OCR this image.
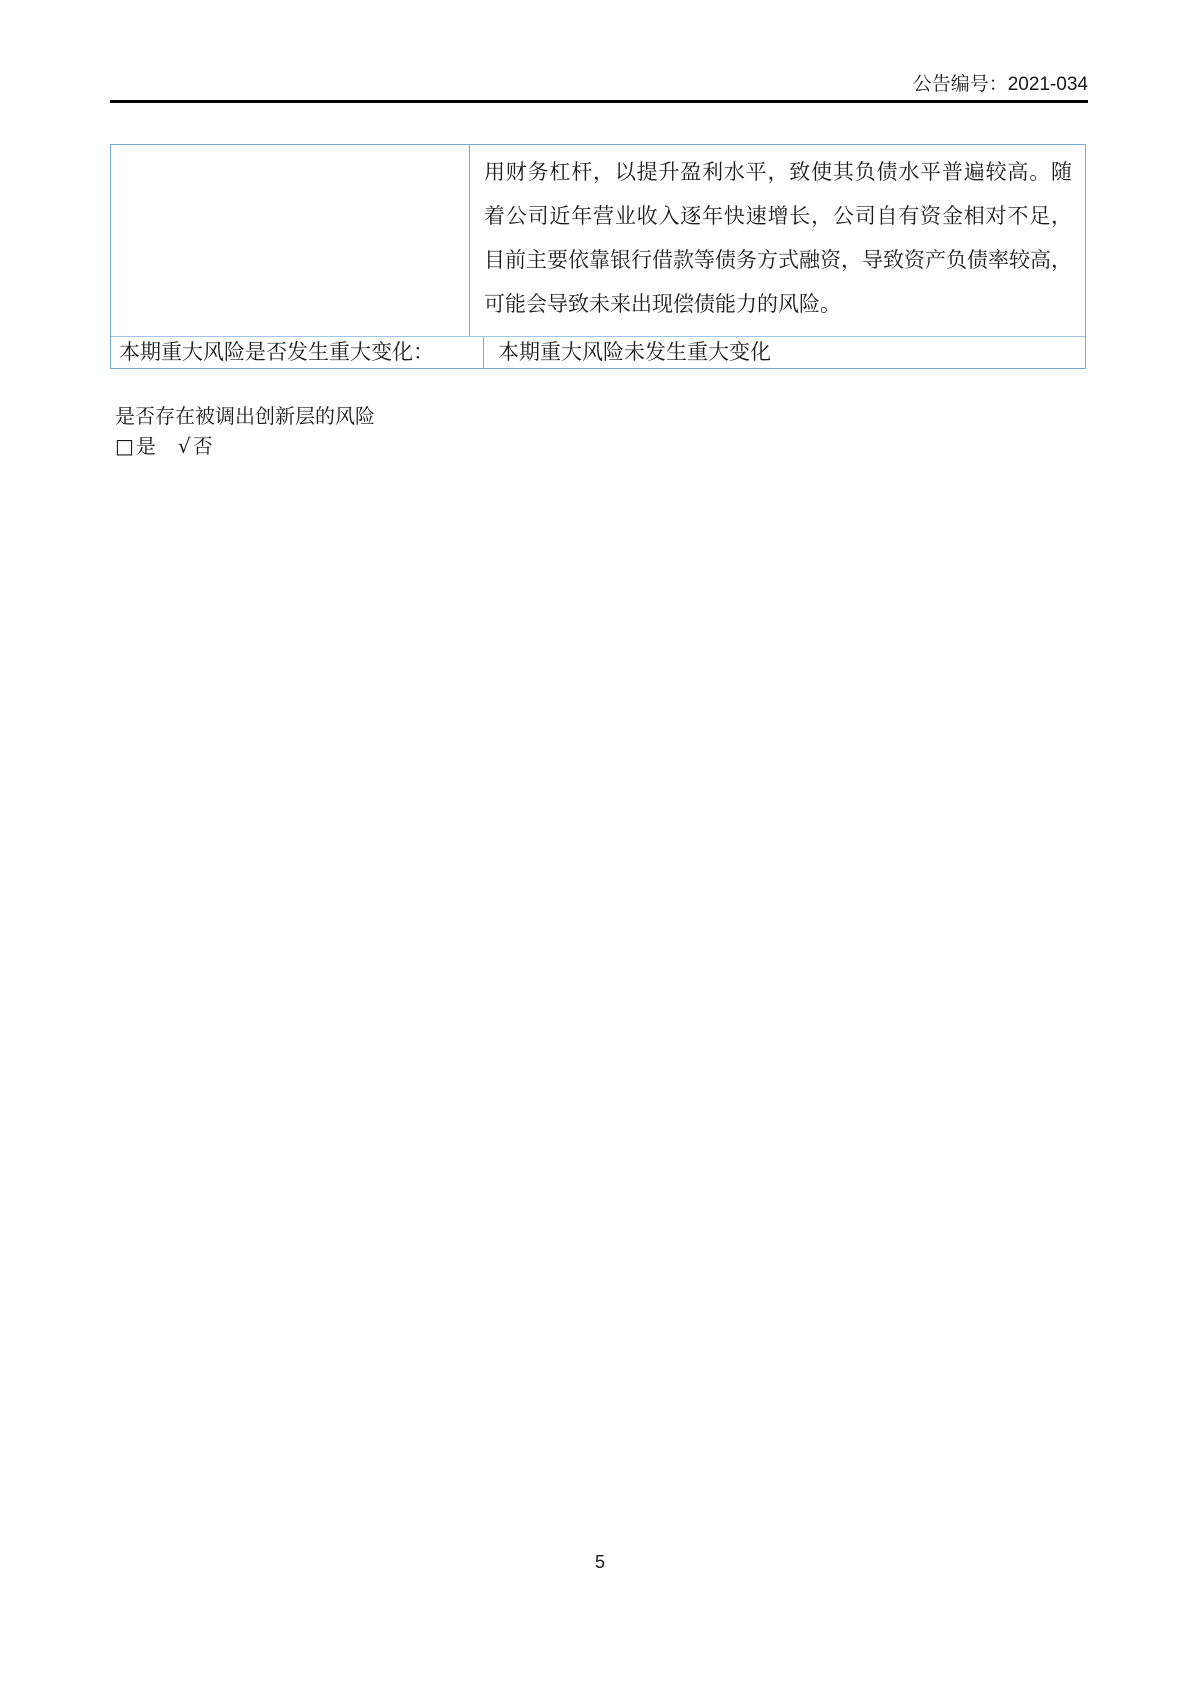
公告编号：2021-034
用财务杠杆，以提升盈利水平，致使其负债水平普遍较高。随
着公司近年营业收入逐年快速增长，公司自有资金相对不足，
目前主要依靠银行借款等债务方式融资，导致资产负债率较高，
可能会导致未来出现偿债能力的风险。
本期重大风险是否发生重大变化：	本期重大风险未发生重大变化
是否存在被调出创新层的风险
□ 是 √ 否
5
